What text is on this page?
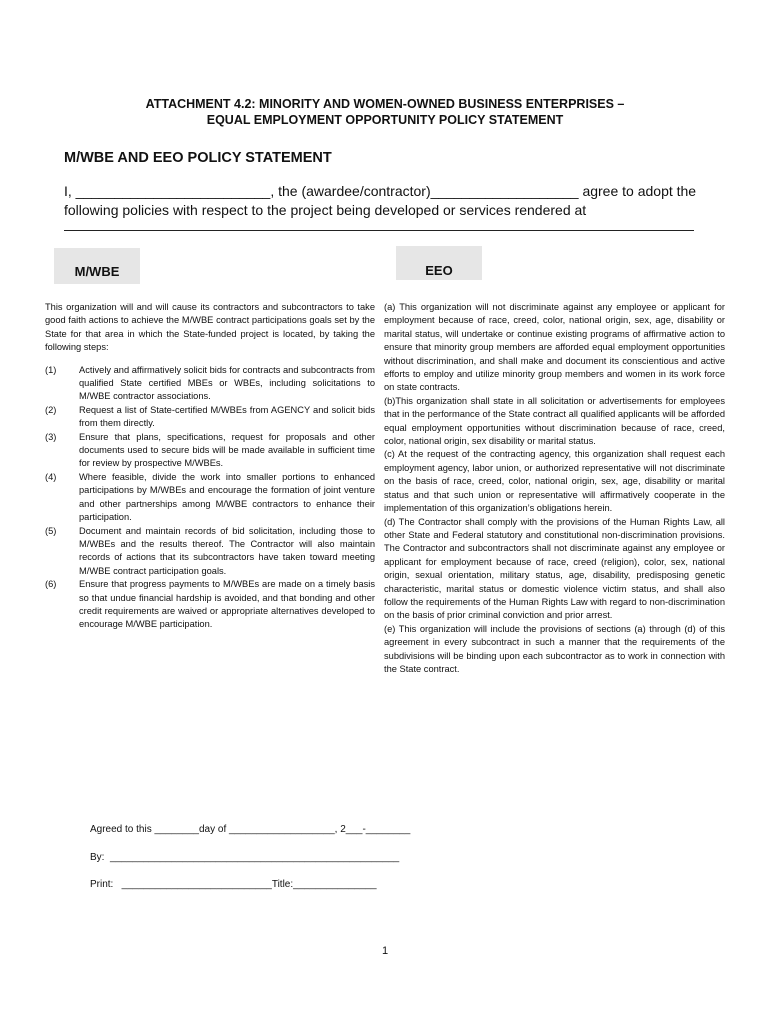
ATTACHMENT 4.2: MINORITY AND WOMEN-OWNED BUSINESS ENTERPRISES –
EQUAL EMPLOYMENT OPPORTUNITY POLICY STATEMENT
M/WBE AND EEO POLICY STATEMENT
I, _________________________, the (awardee/contractor)___________________ agree to adopt the
following policies with respect to the project being developed or services rendered at
M/WBE	EEO

This organization will and will cause its contractors and subcontractors to take good faith actions to achieve the M/WBE contract participations goals set by the State for that area in which the State-funded project is located, by taking the following steps:

(1)	Actively and affirmatively solicit bids for contracts and subcontracts from qualified State certified MBEs or WBEs, including solicitations to M/WBE contractor associations.
(2)	Request a list of State-certified M/WBEs from AGENCY and solicit bids from them directly.
(3)	Ensure that plans, specifications, request for proposals and other documents used to secure bids will be made available in sufficient time for review by prospective M/WBEs.
(4)	Where feasible, divide the work into smaller portions to enhanced participations by M/WBEs and encourage the formation of joint venture and other partnerships among M/WBE contractors to enhance their participation.
(5)	Document and maintain records of bid solicitation, including those to M/WBEs and the results thereof. The Contractor will also maintain records of actions that its subcontractors have taken toward meeting M/WBE contract participation goals.
(6)	Ensure that progress payments to M/WBEs are made on a timely basis so that undue financial hardship is avoided, and that bonding and other credit requirements are waived or appropriate alternatives developed to encourage M/WBE participation.

(a) This organization will not discriminate against any employee or applicant for employment because of race, creed, color, national origin, sex, age, disability or marital status, will undertake or continue existing programs of affirmative action to ensure that minority group members are afforded equal employment opportunities without discrimination, and shall make and document its conscientious and active efforts to employ and utilize minority group members and women in its work force on state contracts.

(b)This organization shall state in all solicitation or advertisements for employees that in the performance of the State contract all qualified applicants will be afforded equal employment opportunities without discrimination because of race, creed, color, national origin, sex disability or marital status.

(c) At the request of the contracting agency, this organization shall request each employment agency, labor union, or authorized representative will not discriminate on the basis of race, creed, color, national origin, sex, age, disability or marital status and that such union or representative will affirmatively cooperate in the implementation of this organization’s obligations herein.

(d) The Contractor shall comply with the provisions of the Human Rights Law, all other State and Federal statutory and constitutional non-discrimination provisions. The Contractor and subcontractors shall not discriminate against any employee or applicant for employment because of race, creed (religion), color, sex, national origin, sexual orientation, military status, age, disability, predisposing genetic characteristic, marital status or domestic violence victim status, and shall also follow the requirements of the Human Rights Law with regard to non-discrimination on the basis of prior criminal conviction and prior arrest.

(e) This organization will include the provisions of sections (a) through (d) of this agreement in every subcontract in such a manner that the requirements of the subdivisions will be binding upon each subcontractor as to work in connection with the State contract.

Agreed to this ________day of ___________________, 2___-________
By:  ____________________________________________________
Print:   ___________________________Title:_______________
1
